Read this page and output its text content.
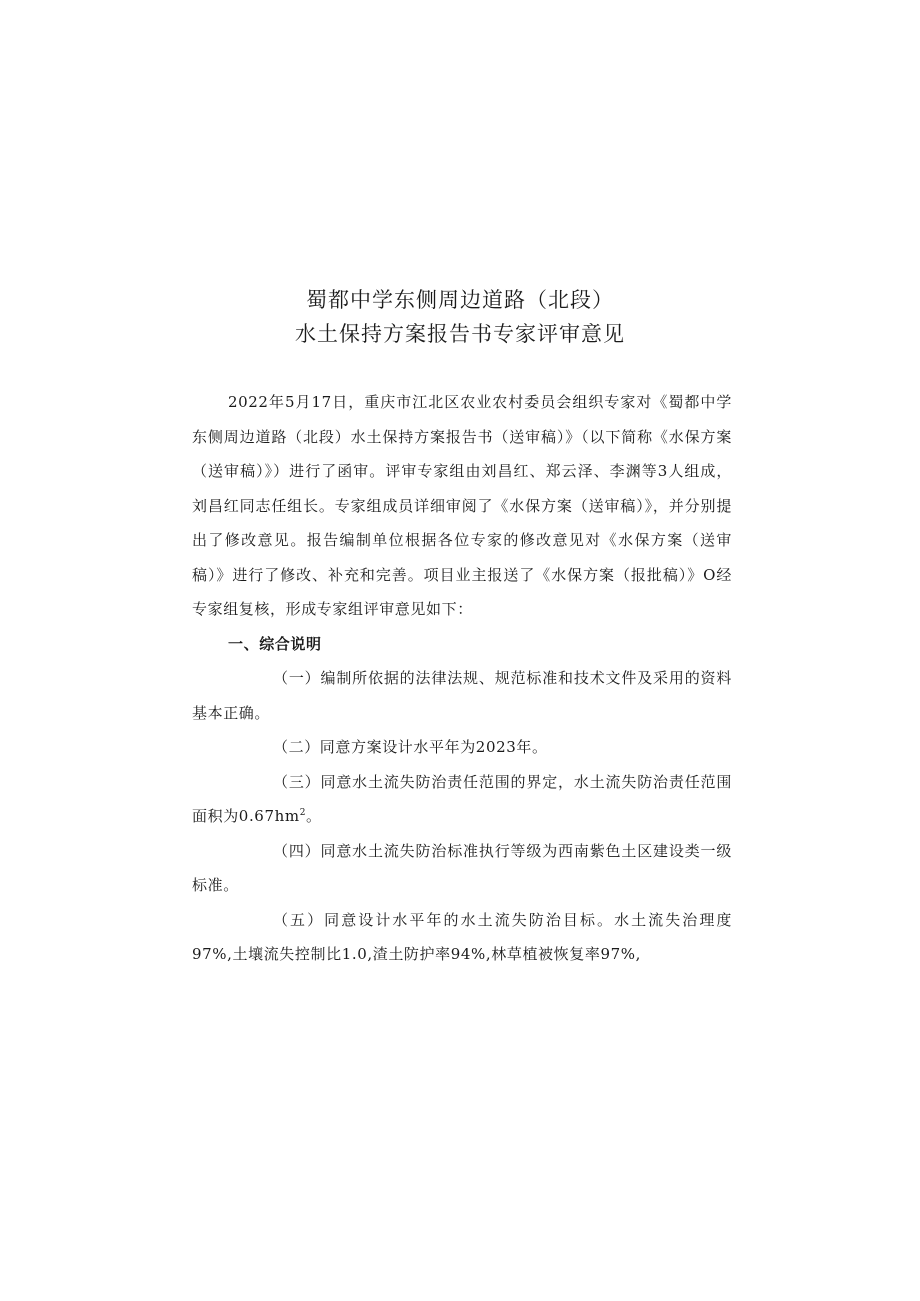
蜀都中学东侧周边道路（北段）
水土保持方案报告书专家评审意见

2022年5月17日，重庆市江北区农业农村委员会组织专家对《蜀都中学东侧周边道路（北段）水土保持方案报告书（送审稿）》（以下简称《水保方案（送审稿）》）进行了函审。评审专家组由刘昌红、郑云泽、李渊等3人组成，刘昌红同志任组长。专家组成员详细审阅了《水保方案（送审稿）》，并分别提出了修改意见。报告编制单位根据各位专家的修改意见对《水保方案（送审稿）》进行了修改、补充和完善。项目业主报送了《水保方案（报批稿）》O经专家组复核，形成专家组评审意见如下：

一、综合说明

（一）编制所依据的法律法规、规范标准和技术文件及采用的资料基本正确。

（二）同意方案设计水平年为2023年。

（三）同意水土流失防治责任范围的界定，水土流失防治责任范围面积为$0.67hm^2$。

（四）同意水土流失防治标准执行等级为西南紫色土区建设类一级标准。

（五）同意设计水平年的水土流失防治目标。水土流失治理度97%,土壤流失控制比1.0,渣土防护率94%,林草植被恢复率97%,
